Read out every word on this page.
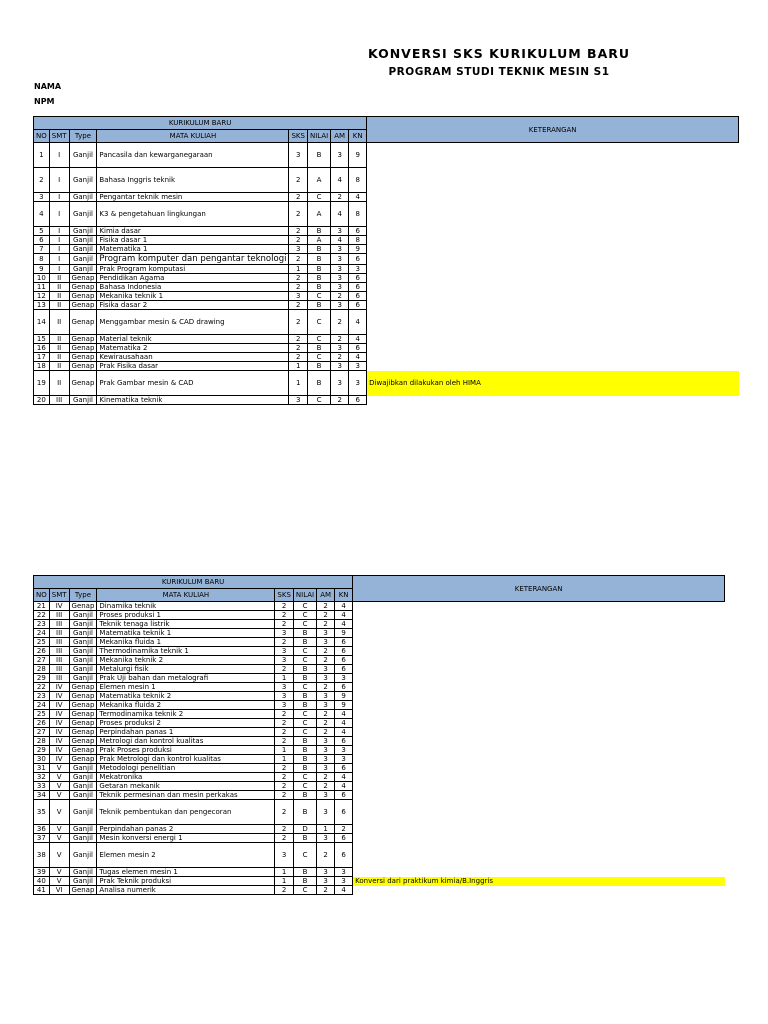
KONVERSI SKS KURIKULUM BARU
PROGRAM STUDI TEKNIK MESIN S1
NAMA
NPM
KURIKULUM BARU								KETERANGAN
NO	SMT	Type	MATA KULIAH	SKS	NILAI	AM	KN	
1	I	Ganjil	Pancasila dan kewarganegaraan	3	B	3	9	
2	I	Ganjil	Bahasa Inggris teknik	2	A	4	8	
3	I	Ganjil	Pengantar teknik mesin	2	C	2	4	
4	I	Ganjil	K3 & pengetahuan lingkungan	2	A	4	8	
5	I	Ganjil	Kimia dasar	2	B	3	6	
6	I	Ganjil	Fisika dasar 1	2	A	4	8	
7	I	Ganjil	Matematika 1	3	B	3	9	
8	I	Ganjil	Program komputer dan pengantar teknologi	2	B	3	6	
9	I	Ganjil	Prak Program komputasi	1	B	3	3	
10	II	Genap	Pendidikan Agama	2	B	3	6	
11	II	Genap	Bahasa Indonesia	2	B	3	6	
12	II	Genap	Mekanika teknik 1	3	C	2	6	
13	II	Genap	Fisika dasar 2	2	B	3	6	
14	II	Genap	Menggambar mesin & CAD drawing	2	C	2	4	
15	II	Genap	Material teknik	2	C	2	4	
16	II	Genap	Matematika 2	2	B	3	6	
17	II	Genap	Kewirausahaan	2	C	2	4	
18	II	Genap	Prak Fisika dasar	1	B	3	3	
19	II	Genap	Prak Gambar mesin & CAD	1	B	3	3	Diwajibkan dilakukan oleh HIMA
20	III	Ganjil	Kinematika teknik	3	C	2	6	
KURIKULUM BARU								KETERANGAN
NO	SMT	Type	MATA KULIAH	SKS	NILAI	AM	KN	
21	IV	Genap	Dinamika teknik	2	C	2	4	
22	III	Ganjil	Proses produksi 1	2	C	2	4	
23	III	Ganjil	Teknik tenaga listrik	2	C	2	4	
24	III	Ganjil	Matematika teknik 1	3	B	3	9	
25	III	Ganjil	Mekanika fluida 1	2	B	3	6	
26	III	Ganjil	Thermodinamika teknik 1	3	C	2	6	
27	III	Ganjil	Mekanika teknik 2	3	C	2	6	
28	III	Ganjil	Metalurgi fisik	2	B	3	6	
29	III	Ganjil	Prak Uji bahan dan metalografi	1	B	3	3	
22	IV	Genap	Elemen mesin 1	3	C	2	6	
23	IV	Genap	Matematika teknik 2	3	B	3	9	
24	IV	Genap	Mekanika fluida 2	3	B	3	9	
25	IV	Genap	Termodinamika teknik 2	2	C	2	4	
26	IV	Genap	Proses produksi 2	2	C	2	4	
27	IV	Genap	Perpindahan panas 1	2	C	2	4	
28	IV	Genap	Metrologi dan kontrol kualitas	2	B	3	6	
29	IV	Genap	Prak Proses produksi	1	B	3	3	
30	IV	Genap	Prak Metrologi dan kontrol kualitas	1	B	3	3	
31	V	Ganjil	Metodologi penelitian	2	B	3	6	
32	V	Ganjil	Mekatronika	2	C	2	4	
33	V	Ganjil	Getaran mekanik	2	C	2	4	
34	V	Ganjil	Teknik permesinan dan mesin perkakas	2	B	3	6	
35	V	Ganjil	Teknik pembentukan dan pengecoran	2	B	3	6	
36	V	Ganjil	Perpindahan panas 2	2	D	1	2	
37	V	Ganjil	Mesin konversi energi 1	2	B	3	6	
38	V	Ganjil	Elemen mesin 2	3	C	2	6	
39	V	Ganjil	Tugas elemen mesin 1	1	B	3	3	
40	V	Ganjil	Prak Teknik produksi	1	B	3	3	Konversi dari praktikum kimia/B.Inggris
41	VI	Genap	Analisa numerik	2	C	2	4	
